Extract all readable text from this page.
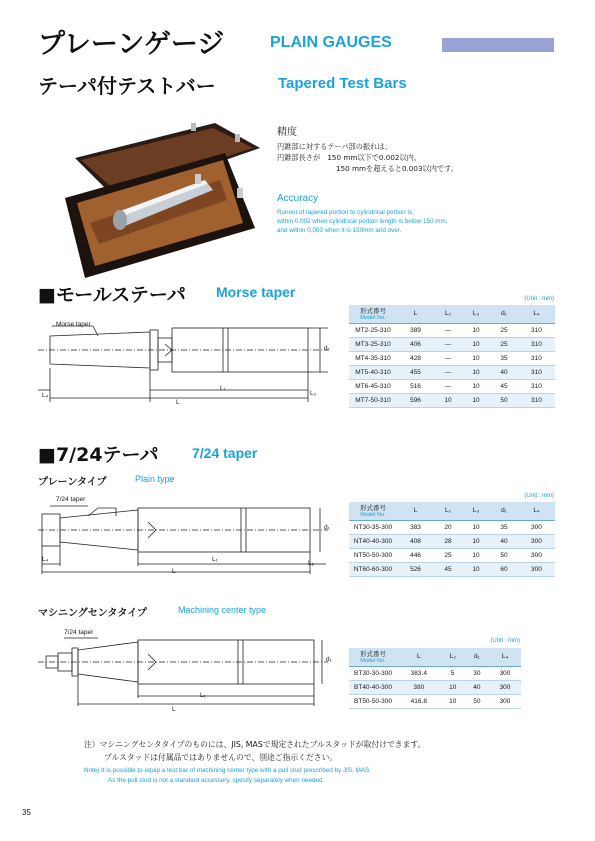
プレーンゲージ	PLAIN GAUGES
テーパ付テストバー	Tapered Test Bars
精度
円錐部に対するテーパ部の振れは、
円錐部長さが　150 mm以下で0.002以内、
150 mmを超えると0.003以内です。
Accuracy
Runout of tapered portion to cylindrical portion is
within 0.002 when cylindrical portion length is below 150 mm,
and within 0.003 when it is 150mm and over.
■モールステーパ Morse taper
Morse taper
L₄
L₁
L
L₂
d₁
(Unit : mm)
形式番号
Model No.	L	L₂	L₃	d₁	L₄
MT2-25-310	389	—	10	25	310
MT3-25-310	406	—	10	25	310
MT4-35-310	428	—	10	35	310
MT5-40-310	455	—	10	40	310
MT6-45-310	516	—	10	45	310
MT7-50-310	596	10	10	50	310
■7/24テーパ 7/24 taper
プレーンタイプ	Plain type
7/24 taper
L₄	L₁
L
L₂
d₁
(Unit : mm)
形式番号
Model No.	L	L₂	L₃	d₁	L₄
NT30-35-300	383	20	10	35	300
NT40-40-300	408	28	10	40	300
NT50-50-300	446	25	10	50	300
NT60-60-300	526	45	10	60	300
マシニングセンタタイプ	Machining center type
7/24 taper
L₁
L
d₁
(Unit : mm)
形式番号
Model No.	L	L₃	d₁	L₄
BT30-30-300	383.4	5	30	300
BT40-40-300	380	10	40	300
BT50-50-300	416.8	10	50	300
注）マシニングセンタタイプのものには、JIS, MASで規定されたプルスタッドが取付けできます。
プルスタッドは付属品ではありませんので、別途ご指示ください。
Note) It is possible to equip a test bar of machining center type with a pull stud prescribed by JIS, MAS.
As the pull stud is not a standard accessory, specify separately when needed.
35
